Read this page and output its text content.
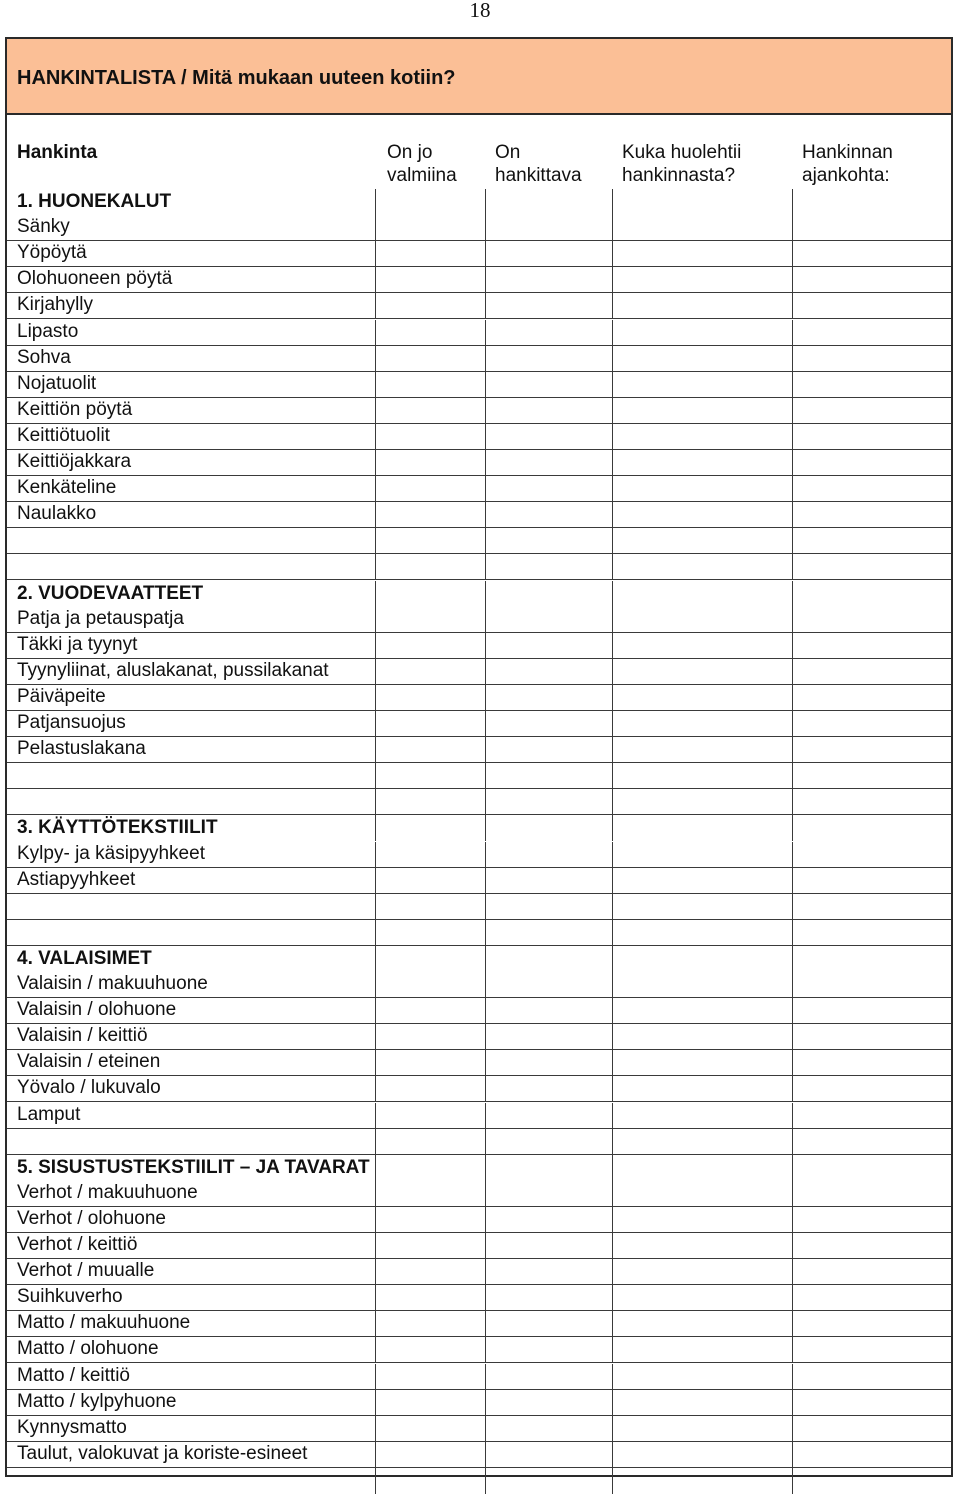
18
HANKINTALISTA / Mitä mukaan uuteen kotiin?
Hankinta	On jo
valmiina
On
hankittava
Kuka huolehtii
hankinnasta?
Hankinnan
ajankohta:
1. HUONEKALUT
Sänky
Yöpöytä
Olohuoneen pöytä
Kirjahylly
Lipasto
Sohva
Nojatuolit
Keittiön pöytä
Keittiötuolit
Keittiöjakkara
Kenkäteline
Naulakko
2. VUODEVAATTEET
Patja ja petauspatja
Täkki ja tyynyt
Tyynyliinat, aluslakanat, pussilakanat
Päiväpeite
Patjansuojus
Pelastuslakana
3. KÄYTTÖTEKSTIILIT
Kylpy- ja käsipyyhkeet
Astiapyyhkeet
4. VALAISIMET
Valaisin / makuuhuone
Valaisin / olohuone
Valaisin / keittiö
Valaisin / eteinen
Yövalo / lukuvalo
Lamput
5. SISUSTUSTEKSTIILIT – JA TAVARAT
Verhot / makuuhuone
Verhot / olohuone
Verhot / keittiö
Verhot / muualle
Suihkuverho
Matto / makuuhuone
Matto / olohuone
Matto / keittiö
Matto / kylpyhuone
Kynnysmatto
Taulut, valokuvat ja koriste-esineet
